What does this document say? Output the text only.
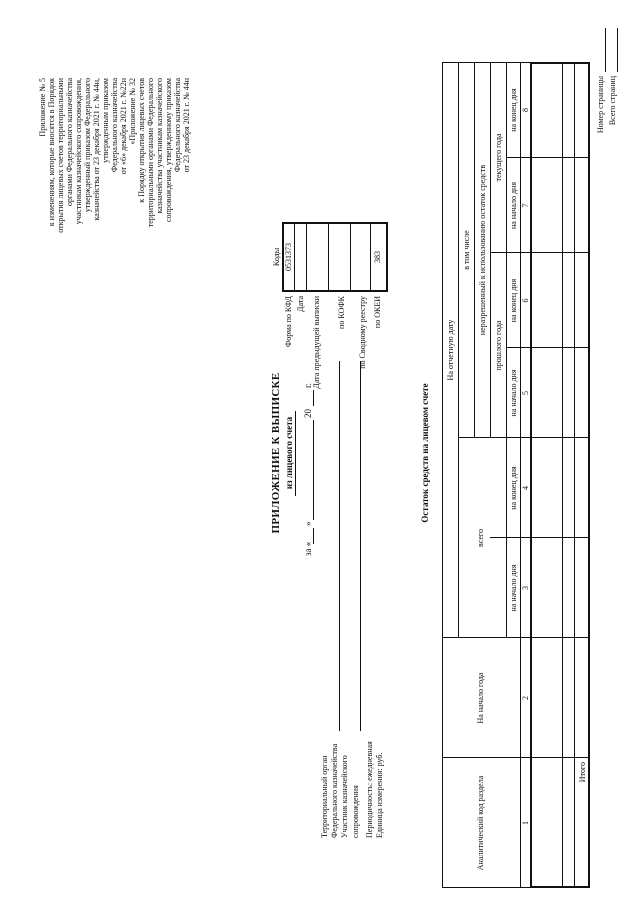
Приложение № 5 к изменениям, которые вносятся в Порядок открытия лицевых счетов территориальными органами Федерального казначейства участникам казначейского сопровождения, утвержденный приказом Федерального казначейства от 23 декабря 2021 г. № 44н, утвержденным приказом Федерального казначейства от «6» декабря 2021 г. №22н «Приложение № 32 к Порядку открытия лицевых счетов территориальными органами Федерального казначейства участникам казначейского сопровождения, утвержденному приказом Федерального казначейства от 23 декабря 2021 г. № 44н
ПРИЛОЖЕНИЕ К ВЫПИСКЕ из лицевого счета
за «
»
20
г.
Территориальный орган Федерального казначейства Участник казначейского сопровождения Периодичность: ежедневная Единица измерения: руб.
Форма по КФД Дата Дата предыдущей выписки по КОФК по Сводному реестру по ОКЕИ
Коды 0531373	383
Остаток средств на лицевом счете
Аналитический код раздела
На начало года
На отчетную дату
всего
в том числе неразрешенный к использованию остаток средств
прошлого года
текущего года
на начало дня
на конец дня
на начало дня
на конец дня
на начало дня
на конец дня
1
2
3
4
5
6
7
8
Итого
Номер страницы Всего страниц
